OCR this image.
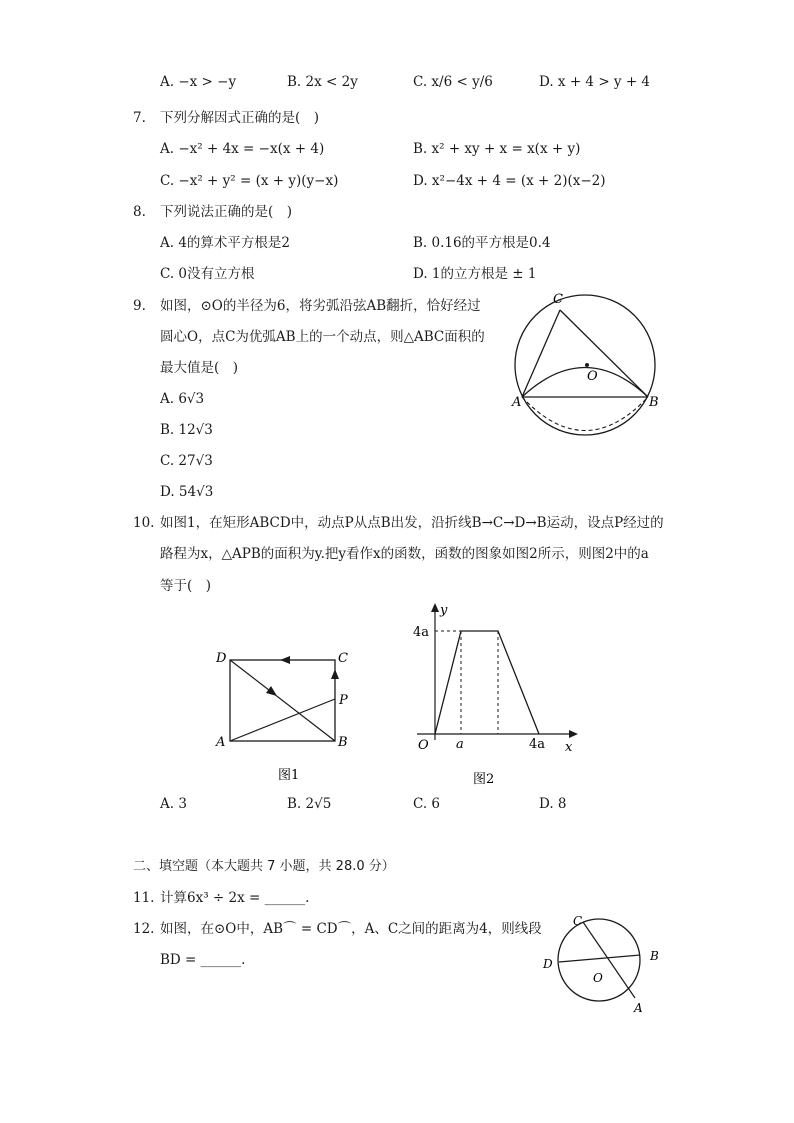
A. −x > −y	B. 2x < 2y	C. x/6 < y/6	D. x + 4 > y + 4
7. 下列分解因式正确的是(　)
A. −x² + 4x = −x(x + 4)	B. x² + xy + x = x(x + y)
C. −x² + y² = (x + y)(y−x)	D. x²−4x + 4 = (x + 2)(x−2)
8. 下列说法正确的是(　)
A. 4的算术平方根是2	B. 0.16的平方根是0.4
C. 0没有立方根	D. 1的立方根是 ± 1
9. 如图，⊙O的半径为6，将劣弧沿弦AB翻折，恰好经过
圆心O，点C为优弧AB上的一个动点，则△ABC面积的
最大值是(　)
A. 6√3
B. 12√3
C. 27√3
D. 54√3
A	B
C
O
10. 如图1，在矩形ABCD中，动点P从点B出发，沿折线B→C→D→B运动，设点P经过的
路程为x，△APB的面积为y.把y看作x的函数，函数的图象如图2所示，则图2中的a
等于(　)
D	C
P
A	B
图1
y
4a
O a	4a x
图2
A. 3	B. 2√5	C. 6	D. 8
二、填空题（本大题共 7 小题，共 28.0 分）
11. 计算6x³ ÷ 2x = ______.
12. 如图，在⊙O中，AB⌒ = CD⌒，A、C之间的距离为4，则线段
BD = ______.
C
B
D
O
A
